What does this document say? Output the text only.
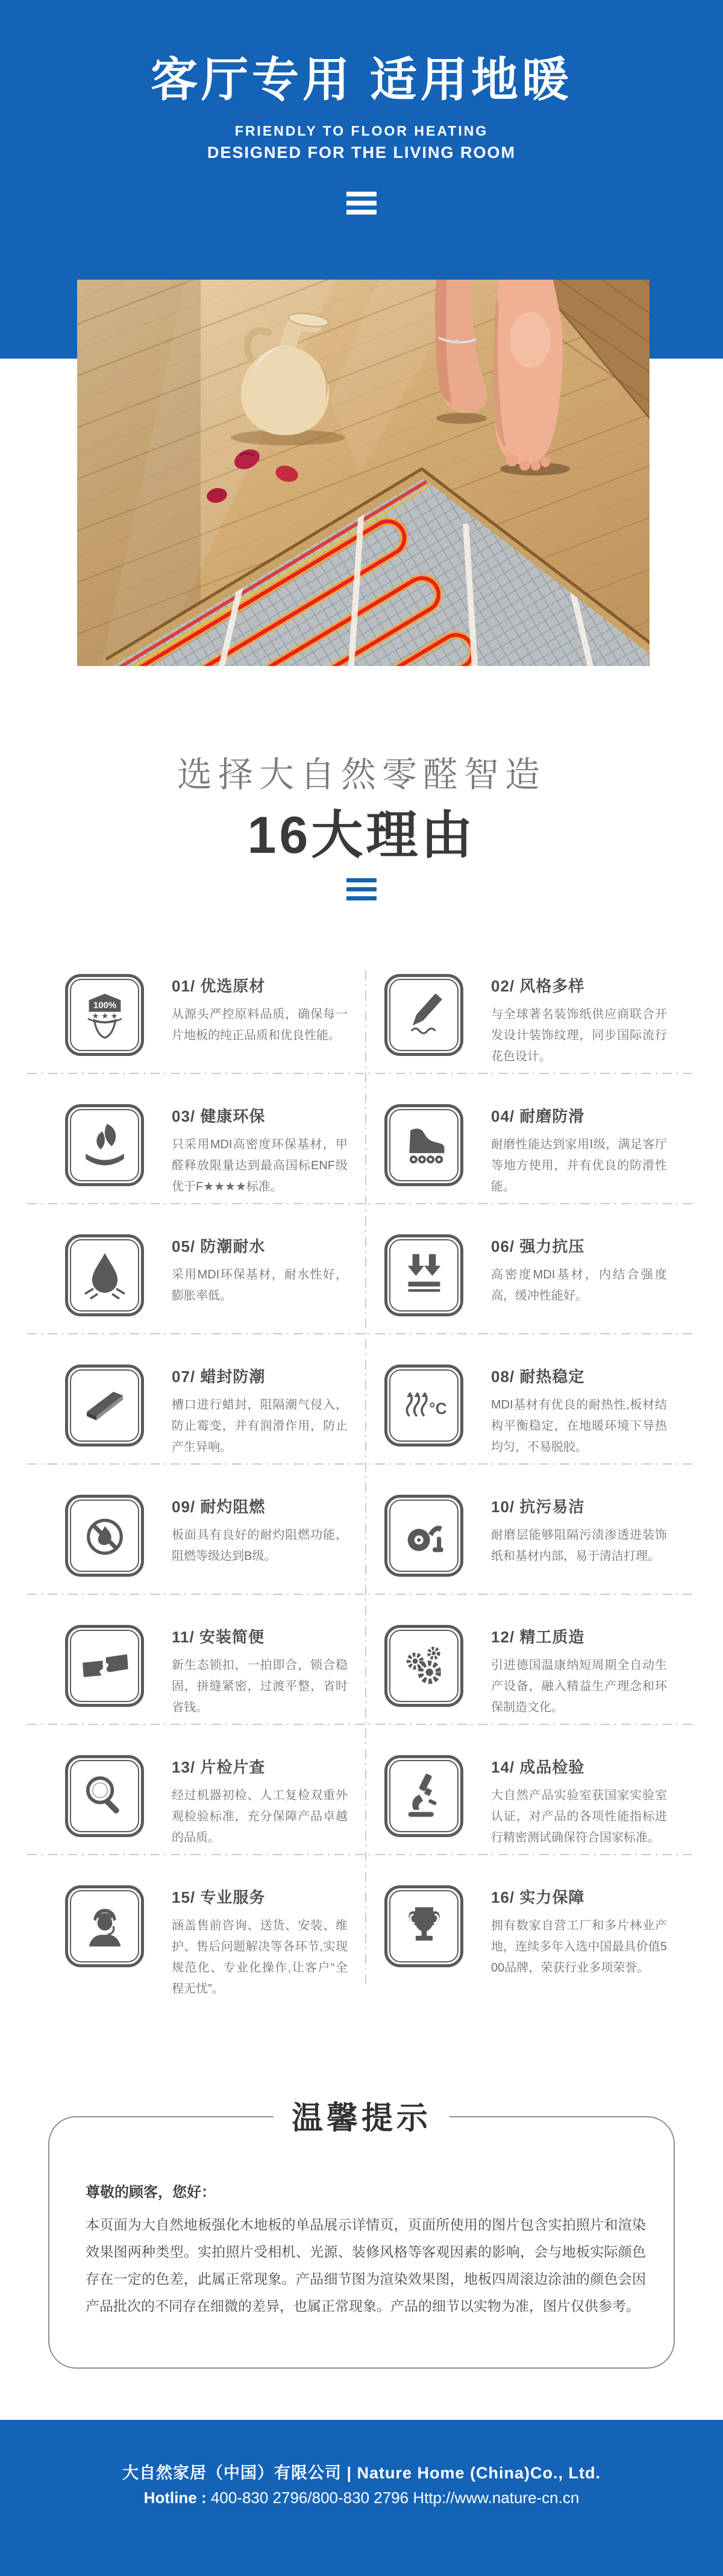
客厅专用 适用地暖
FRIENDLY TO FLOOR HEATING
DESIGNED FOR THE LIVING ROOM
选择大自然零醛智造
16大理由
100%
★ ★ ★
01/ 优选原材
从源头严控原料品质，确保每一片地板的纯正品质和优良性能。
02/ 风格多样
与全球著名装饰纸供应商联合开发设计装饰纹理，同步国际流行花色设计。
03/ 健康环保
只采用MDI高密度环保基材，甲醛释放限量达到最高国标ENF级优于F★★★★标准。
04/ 耐磨防滑
耐磨性能达到家用Ⅰ级，满足客厅等地方使用，并有优良的防滑性能。
05/ 防潮耐水
采用MDI环保基材，耐水性好，膨胀率低。
06/ 强力抗压
高密度MDI基材，内结合强度高，缓冲性能好。
07/ 蜡封防潮
槽口进行蜡封，阻隔潮气侵入，防止霉变，并有润滑作用，防止产生异响。
°C
08/ 耐热稳定
MDI基材有优良的耐热性,板材结构平衡稳定，在地暖环境下导热均匀，不易脱胶。
09/ 耐灼阻燃
板面具有良好的耐灼阻燃功能，阻燃等级达到B级。
10/ 抗污易洁
耐磨层能够阻隔污渍渗透进装饰纸和基材内部，易于清洁打理。
11/ 安装简便
新生态锁扣，一拍即合，锁合稳固，拼缝紧密，过渡平整，省时省钱。
12/ 精工质造
引进德国温康纳短周期全自动生产设备，融入精益生产理念和环保制造文化。
13/ 片检片查
经过机器初检、人工复检双重外观检验标准，充分保障产品卓越的品质。
14/ 成品检验
大自然产品实验室获国家实验室认证，对产品的各项性能指标进行精密测试确保符合国家标准。
15/ 专业服务
涵盖售前咨询、送货、安装、维护、售后问题解决等各环节,实现规范化、专业化操作,让客户“全程无忧”。
16/ 实力保障
拥有数家自营工厂和多片林业产地，连续多年入选中国最具价值500品牌，荣获行业多项荣誉。
温馨提示

尊敬的顾客，您好：

本页面为大自然地板强化木地板的单品展示详情页，页面所使用的图片包含实拍照片和渲染效果图两种类型。实拍照片受相机、光源、装修风格等客观因素的影响，会与地板实际颜色存在一定的色差，此属正常现象。产品细节图为渲染效果图，地板四周滚边涂油的颜色会因产品批次的不同存在细微的差异，也属正常现象。产品的细节以实物为准，图片仅供参考。

大自然家居（中国）有限公司 | Nature Home (China)Co., Ltd.
Hotline : 400-830 2796/800-830 2796 Http://www.nature-cn.cn
